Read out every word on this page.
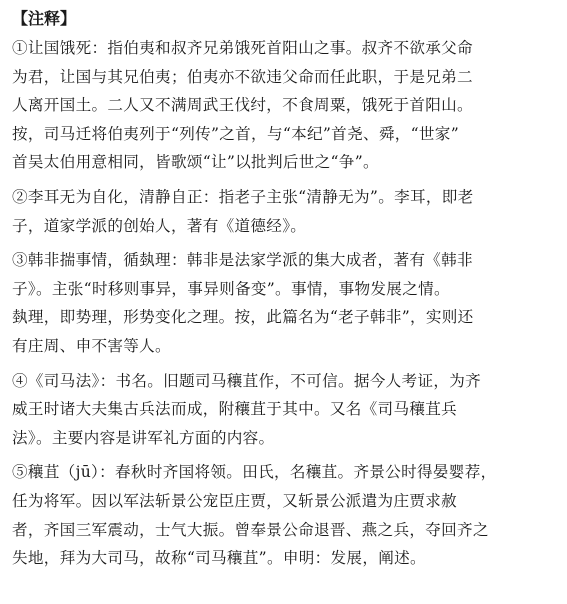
【注释】
①让国饿死：指伯夷和叔齐兄弟饿死首阳山之事。叔齐不欲承父命
为君，让国与其兄伯夷；伯夷亦不欲违父命而任此职，于是兄弟二
人离开国土。二人又不满周武王伐纣，不食周粟，饿死于首阳山。
按，司马迁将伯夷列于“列传”之首，与“本纪”首尧、舜，“世家”
首吴太伯用意相同，皆歌颂“让”以批判后世之“争”。
②李耳无为自化，清静自正：指老子主张“清静无为”。李耳，即老
子，道家学派的创始人，著有《道德经》。
③韩非揣事情，循埶理：韩非是法家学派的集大成者，著有《韩非
子》。主张“时移则事异，事异则备变”。事情，事物发展之情。
埶理，即势理，形势变化之理。按，此篇名为“老子韩非”，实则还
有庄周、申不害等人。
④《司马法》：书名。旧题司马穰苴作，不可信。据今人考证，为齐
威王时诸大夫集古兵法而成，附穰苴于其中。又名《司马穰苴兵
法》。主要内容是讲军礼方面的内容。
⑤穰苴（jū）：春秋时齐国将领。田氏，名穰苴。齐景公时得晏婴荐，
任为将军。因以军法斩景公宠臣庄贾，又斩景公派遣为庄贾求赦
者，齐国三军震动，士气大振。曾奉景公命退晋、燕之兵，夺回齐之
失地，拜为大司马，故称“司马穰苴”。申明：发展，阐述。
